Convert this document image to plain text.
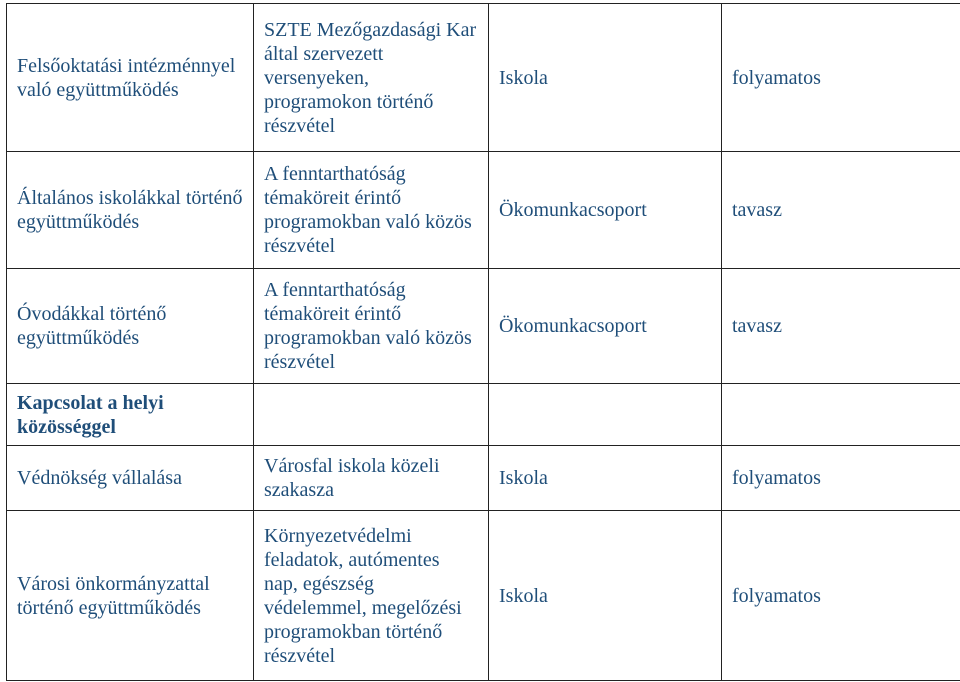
Felsőoktatási intézménnyel való együttműködés	SZTE Mezőgazdasági Kar által szervezett versenyeken, programokon történő részvétel	Iskola	folyamatos

Általános iskolákkal történő együttműködés	A fenntarthatóság témaköreit érintő programokban való közös részvétel	Ökomunkacsoport	tavasz

Óvodákkal történő együttműködés	A fenntarthatóság témaköreit érintő programokban való közös részvétel	Ökomunkacsoport	tavasz

Kapcsolat a helyi közösséggel			

Védnökség vállalása	Városfal iskola közeli szakasza	Iskola	folyamatos

Városi önkormányzattal történő együttműködés	Környezetvédelmi feladatok, autómentes nap, egészség védelemmel, megelőzési programokban történő részvétel	Iskola	folyamatos
